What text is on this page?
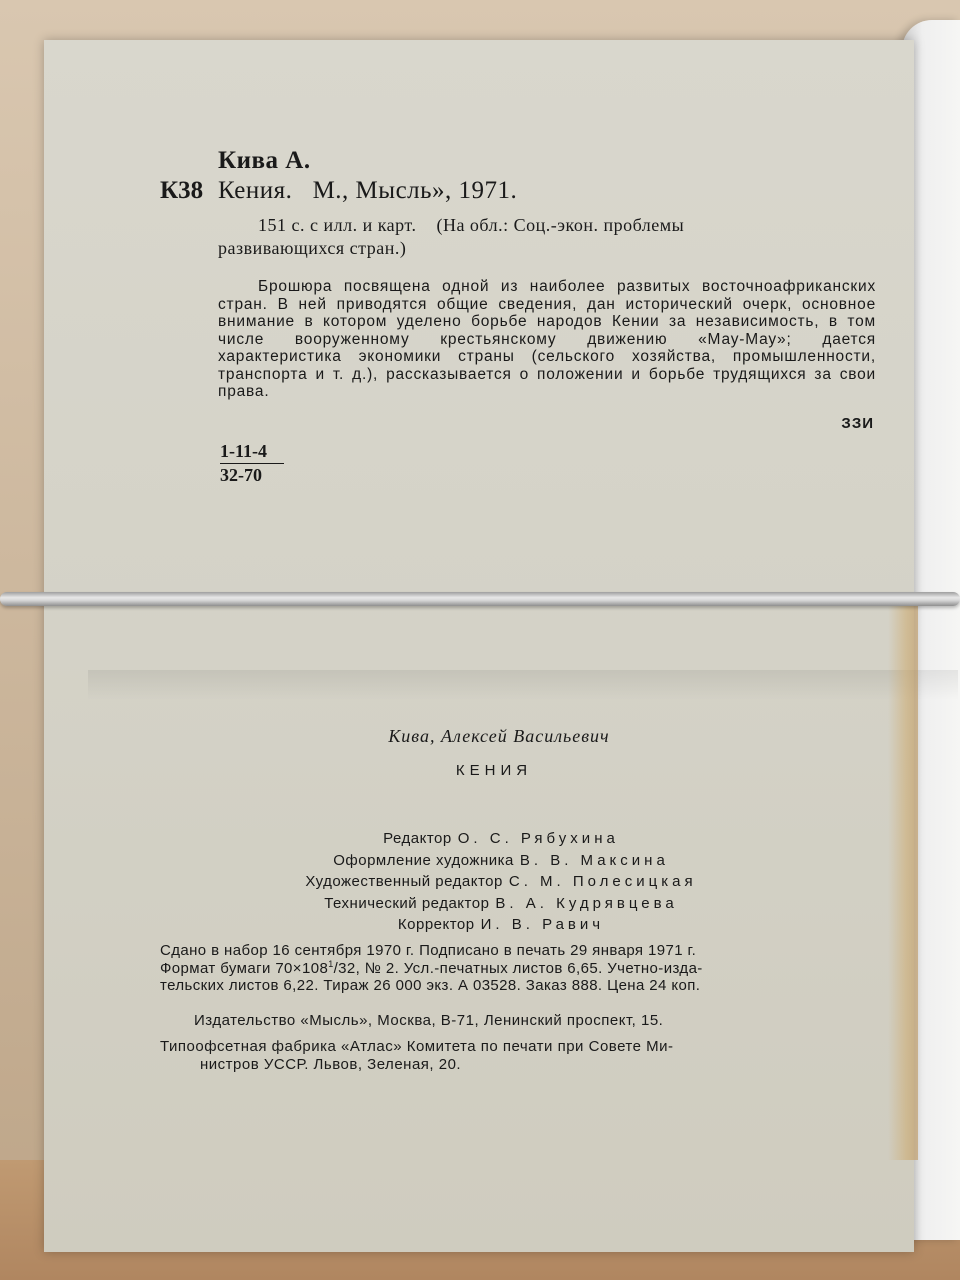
Кива А.
К38 Кения. М., Мысль», 1971.
151 с. с илл. и карт. (На обл.: Соц.-экон. проблемы
развивающихся стран.)
Брошюра посвящена одной из наиболее развитых восточноафриканских стран. В ней приводятся общие сведения, дан исторический очерк, основное внимание в котором уделено борьбе народов Кении за независимость, в том числе вооруженному крестьянскому движению «Мау-Мау»; дается характеристика экономики страны (сельского хозяйства, промышленности, транспорта и т. д.), рассказывается о положении и борьбе трудящихся за свои права.
ЗЗИ
1-11-4
32-70
Кива, Алексей Васильевич
КЕНИЯ
Редактор О. С. Рябухина
Оформление художника В. В. Максина
Художественный редактор С. М. Полесицкая
Технический редактор В. А. Кудрявцева
Корректор И. В. Равич
Сдано в набор 16 сентября 1970 г. Подписано в печать 29 января 1971 г.
Формат бумаги $70\times 108^1/32$, № 2. Усл.-печатных листов 6,65. Учетно-изда-
тельских листов 6,22. Тираж 26 000 экз. А 03528. Заказ 888. Цена 24 коп.
Издательство «Мысль», Москва, В-71, Ленинский проспект, 15.
Типоофсетная фабрика «Атлас» Комитета по печати при Совете Ми-
нистров УССР. Львов, Зеленая, 20.
